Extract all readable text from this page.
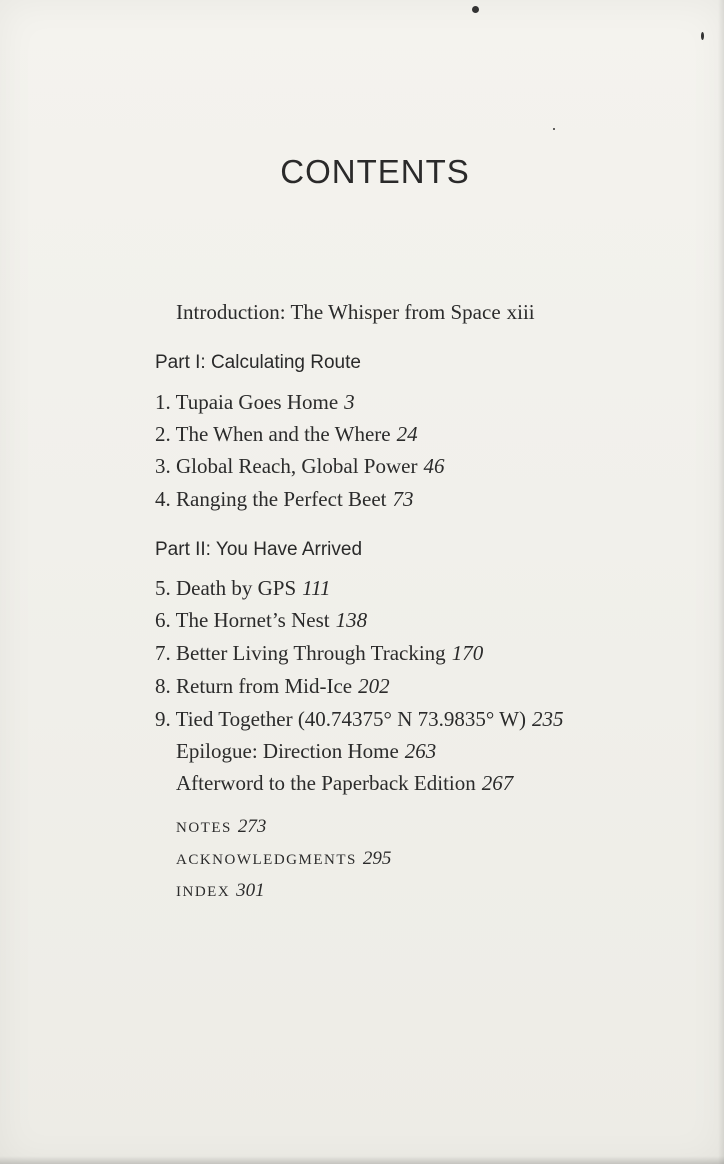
CONTENTS
Introduction: The Whisper from Space xiii
Part I: Calculating Route
1. Tupaia Goes Home 3
2. The When and the Where 24
3. Global Reach, Global Power 46
4. Ranging the Perfect Beet 73
Part II: You Have Arrived
5. Death by GPS 111
6. The Hornet’s Nest 138
7. Better Living Through Tracking 170
8. Return from Mid-Ice 202
9. Tied Together (40.74375° N 73.9835° W) 235
Epilogue: Direction Home 263
Afterword to the Paperback Edition 267
NOTES 273
ACKNOWLEDGMENTS 295
INDEX 301
